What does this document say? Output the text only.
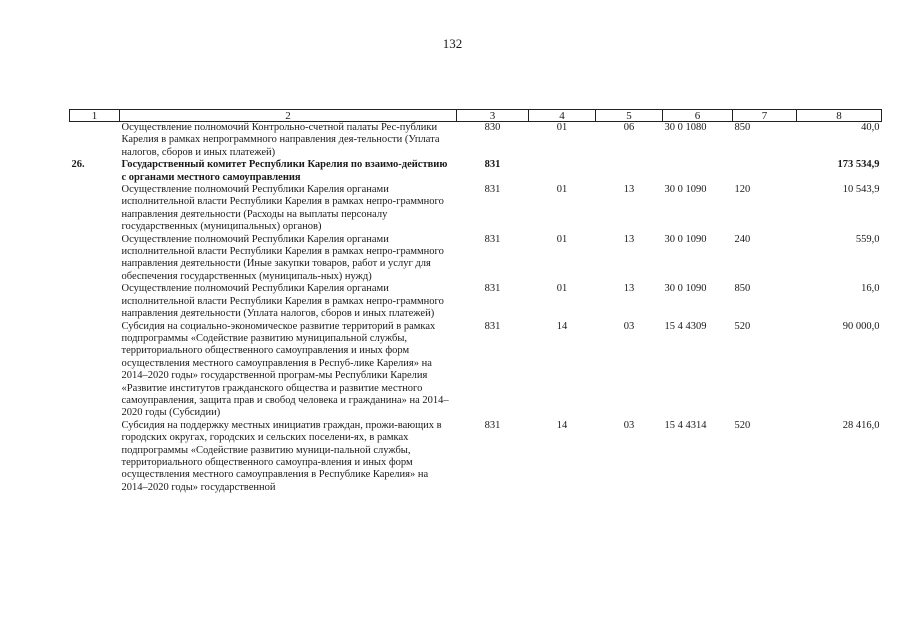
132
1	2	3	4	5	6	7	8
	Осуществление полномочий Контрольно-счетной палаты Рес-публики Карелия в рамках непрограммного направления дея-тельности (Уплата налогов, сборов и иных платежей)	830	01	06	30 0 1080	850	40,0
26.	Государственный комитет Республики Карелия по взаимо-действию с органами местного самоуправления	831					173 534,9
	Осуществление полномочий Республики Карелия органами исполнительной власти Республики Карелия в рамках непро-граммного направления деятельности (Расходы на выплаты персоналу государственных (муниципальных) органов)	831	01	13	30 0 1090	120	10 543,9
	Осуществление полномочий Республики Карелия органами исполнительной власти Республики Карелия в рамках непро-граммного направления деятельности (Иные закупки товаров, работ и услуг для обеспечения государственных (муниципаль-ных) нужд)	831	01	13	30 0 1090	240	559,0
	Осуществление полномочий Республики Карелия органами исполнительной власти Республики Карелия в рамках непро-граммного направления деятельности (Уплата налогов, сборов и иных платежей)	831	01	13	30 0 1090	850	16,0
	Субсидия на социально-экономическое развитие территорий в рамках подпрограммы «Содействие развитию муниципальной службы, территориального общественного самоуправления и иных форм осуществления местного самоуправления в Респуб-лике Карелия» на 2014–2020 годы» государственной програм-мы Республики Карелия «Развитие институтов гражданского общества и развитие местного самоуправления, защита прав и свобод человека и гражданина» на 2014–2020 годы (Субсидии)	831	14	03	15 4 4309	520	90 000,0
	Субсидия на поддержку местных инициатив граждан, прожи-вающих в городских округах, городских и сельских поселени-ях, в рамках подпрограммы «Содействие развитию муници-пальной службы, территориального общественного самоупра-вления и иных форм осуществления местного самоуправления в Республике Карелия» на 2014–2020 годы» государственной	831	14	03	15 4 4314	520	28 416,0
